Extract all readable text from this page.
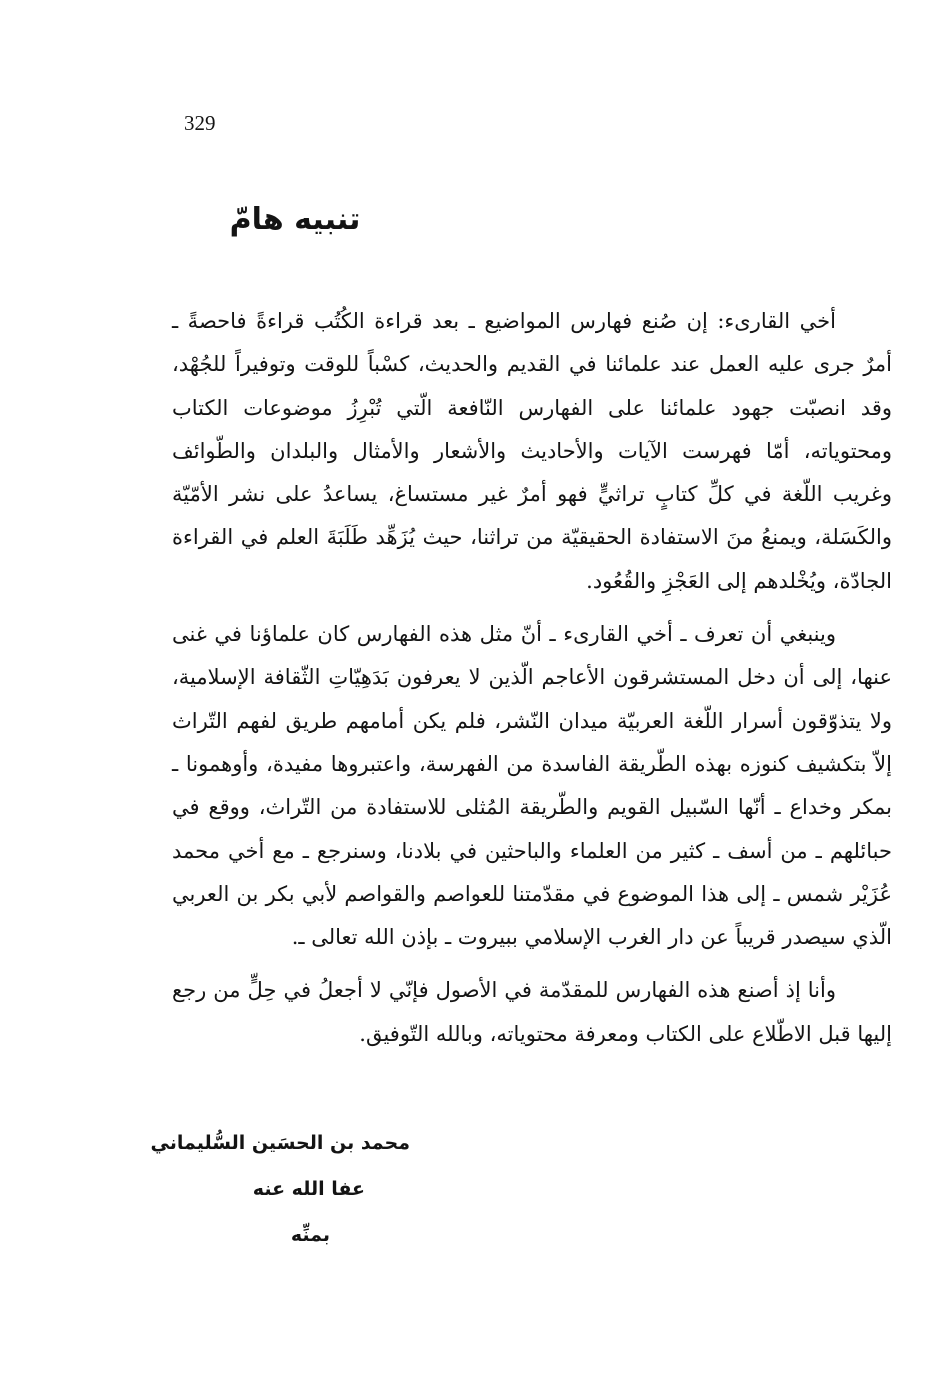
329
تنبيه هامّ

أخي القارىء: إن صُنع فهارس المواضيع ـ بعد قراءة الكُتُب قراءةً فاحصةً ـ أمرٌ جرى عليه العمل عند علمائنا في القديم والحديث، كسْباً للوقت وتوفيراً للجُهْد، وقد انصبّت جهود علمائنا على الفهارس النّافعة الّتي تُبْرِزُ موضوعات الكتاب ومحتوياته، أمّا فهرست الآيات والأحاديث والأشعار والأمثال والبلدان والطّوائف وغريب اللّغة في كلِّ كتابٍ تراثيٍّ فهو أمرٌ غير مستساغ، يساعدُ على نشر الأمّيّة والكَسَلة، ويمنعُ منَ الاستفادة الحقيقيّة من تراثنا، حيث يُزَهِّد طَلَبَةَ العلم في القراءة الجادّة، ويُخْلدهم إلى العَجْزِ والقُعُود.

وينبغي أن تعرف ـ أخي القارىء ـ أنّ مثل هذه الفهارس كان علماؤنا في غنى عنها، إلى أن دخل المستشرقون الأعاجم الّذين لا يعرفون بَدَهِيّاتِ الثّقافة الإسلامية، ولا يتذوّقون أسرار اللّغة العربيّة ميدان النّشر، فلم يكن أمامهم طريق لفهم التّراث إلاّ بتكشيف كنوزه بهذه الطّريقة الفاسدة من الفهرسة، واعتبروها مفيدة، وأوهمونا ـ بمكر وخداع ـ أنّها السّبيل القويم والطّريقة المُثلى للاستفادة من التّراث، ووقع في حبائلهم ـ من أسف ـ كثير من العلماء والباحثين في بلادنا، وسنرجع ـ مع أخي محمد عُزَيْر شمس ـ إلى هذا الموضوع في مقدّمتنا للعواصم والقواصم لأبي بكر بن العربي الّذي سيصدر قريباً عن دار الغرب الإسلامي ببيروت ـ بإذن الله تعالى ـ.

وأنا إذ أصنع هذه الفهارس للمقدّمة في الأصول فإنّي لا أجعلُ في حِلٍّ من رجع إليها قبل الاطّلاع على الكتاب ومعرفة محتوياته، وبالله التّوفيق.

محمد بن الحسَين السُّليماني
عفا الله عنه
بمنِّه
